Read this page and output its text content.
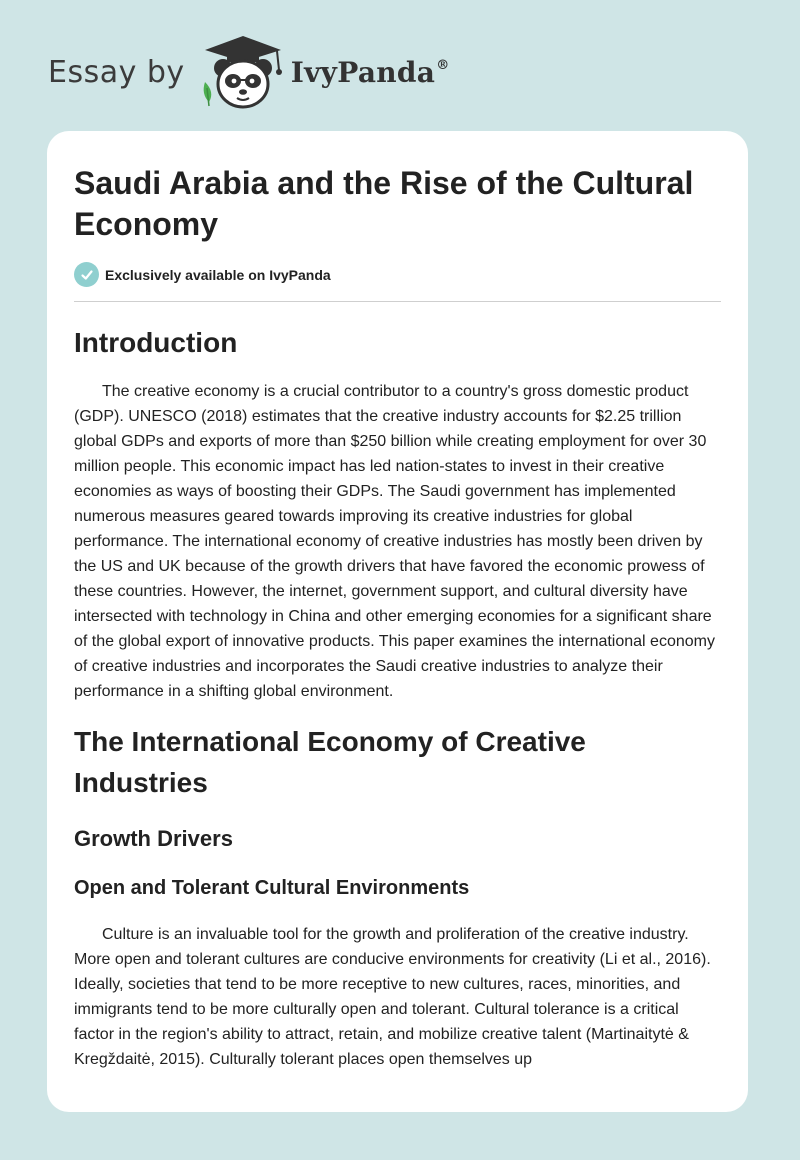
Essay by	IvyPanda®
Saudi Arabia and the Rise of the Cultural Economy
Exclusively available on IvyPanda
Introduction

The creative economy is a crucial contributor to a country's gross domestic product (GDP). UNESCO (2018) estimates that the creative industry accounts for $2.25 trillion global GDPs and exports of more than $250 billion while creating employment for over 30 million people. This economic impact has led nation-states to invest in their creative economies as ways of boosting their GDPs. The Saudi government has implemented numerous measures geared towards improving its creative industries for global performance. The international economy of creative industries has mostly been driven by the US and UK because of the growth drivers that have favored the economic prowess of these countries. However, the internet, government support, and cultural diversity have intersected with technology in China and other emerging economies for a significant share of the global export of innovative products. This paper examines the international economy of creative industries and incorporates the Saudi creative industries to analyze their performance in a shifting global environment.

The International Economy of Creative Industries
Growth Drivers
Open and Tolerant Cultural Environments

Culture is an invaluable tool for the growth and proliferation of the creative industry. More open and tolerant cultures are conducive environments for creativity (Li et al., 2016). Ideally, societies that tend to be more receptive to new cultures, races, minorities, and immigrants tend to be more culturally open and tolerant. Cultural tolerance is a critical factor in the region's ability to attract, retain, and mobilize creative talent (Martinaitytė & Kregždaitė, 2015). Culturally tolerant places open themselves up
